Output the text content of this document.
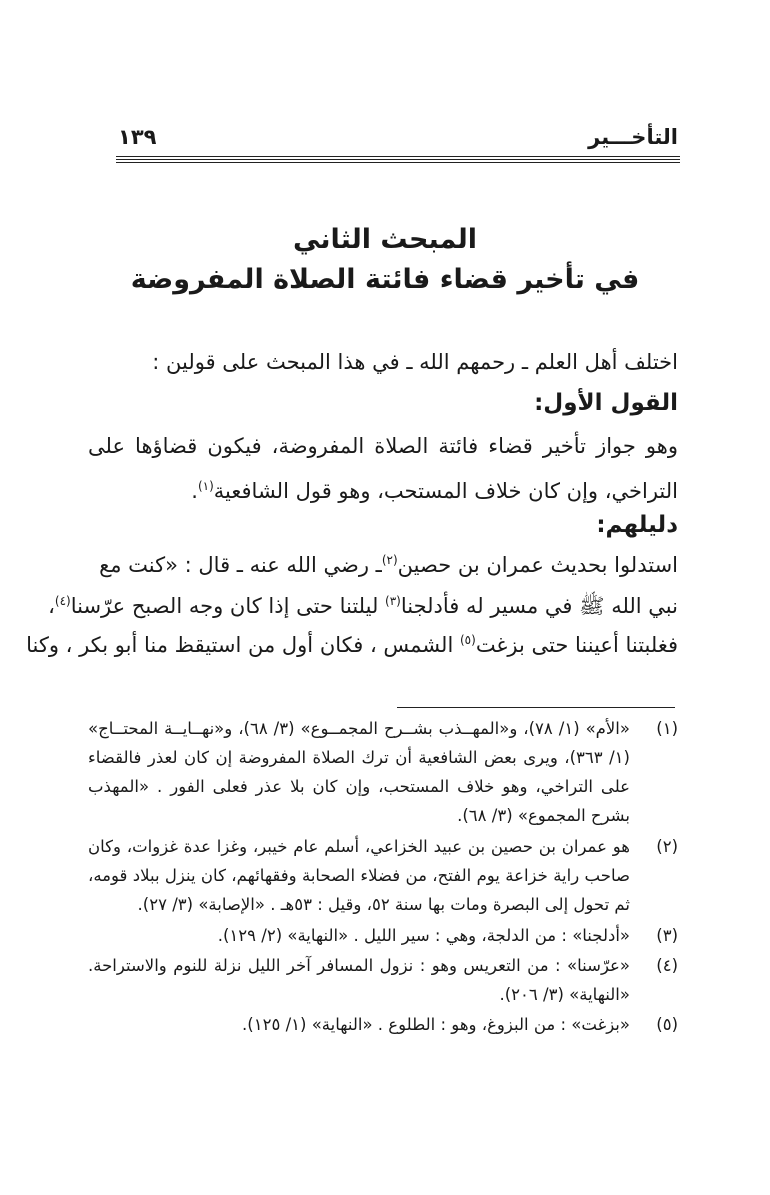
التأخـــير
١٣٩
المبحث الثاني
في تأخير قضاء فائتة الصلاة المفروضة
اختلف أهل العلم ـ رحمهم الله ـ في هذا المبحث على قولين :
القول الأول:
وهو جواز تأخير قضاء فائتة الصلاة المفروضة، فيكون قضاؤها على التراخي، وإن كان خلاف المستحب، وهو قول الشافعية$^{(١)}$.
دليلهم:
استدلوا بحديث عمران بن حصين$^{(٢)}$ـ رضي الله عنه ـ قال : «كنت مع
نبي الله ﷺ في مسير له فأدلجنا$^{(٣)}$ ليلتنا حتى إذا كان وجه الصبح عرّسنا$^{(٤)}$،
فغلبتنا أعيننا حتى بزغت$^{(٥)}$ الشمس ، فكان أول من استيقظ منا أبو بكر ، وكنا
(١)
«الأم» (١/ ٧٨)، و«المهــذب بشــرح المجمــوع» (٣/ ٦٨)، و«نهــايــة المحتــاج» (١/ ٣٦٣)، ويرى بعض الشافعية أن ترك الصلاة المفروضة إن كان لعذر فالقضاء على التراخي، وهو خلاف المستحب، وإن كان بلا عذر فعلى الفور . «المهذب بشرح المجموع» (٣/ ٦٨).
(٢)
هو عمران بن حصين بن عبيد الخزاعي، أسلم عام خيبر، وغزا عدة غزوات، وكان صاحب راية خزاعة يوم الفتح، من فضلاء الصحابة وفقهائهم، كان ينزل ببلاد قومه، ثم تحول إلى البصرة ومات بها سنة ٥٢، وقيل : ٥٣هـ . «الإصابة» (٣/ ٢٧).
(٣)
«أدلجنا» : من الدلجة، وهي : سير الليل . «النهاية» (٢/ ١٢٩).
(٤)
«عرّسنا» : من التعريس وهو : نزول المسافر آخر الليل نزلة للنوم والاستراحة. «النهاية» (٣/ ٢٠٦).
(٥)
«بزغت» : من البزوغ، وهو : الطلوع . «النهاية» (١/ ١٢٥).
